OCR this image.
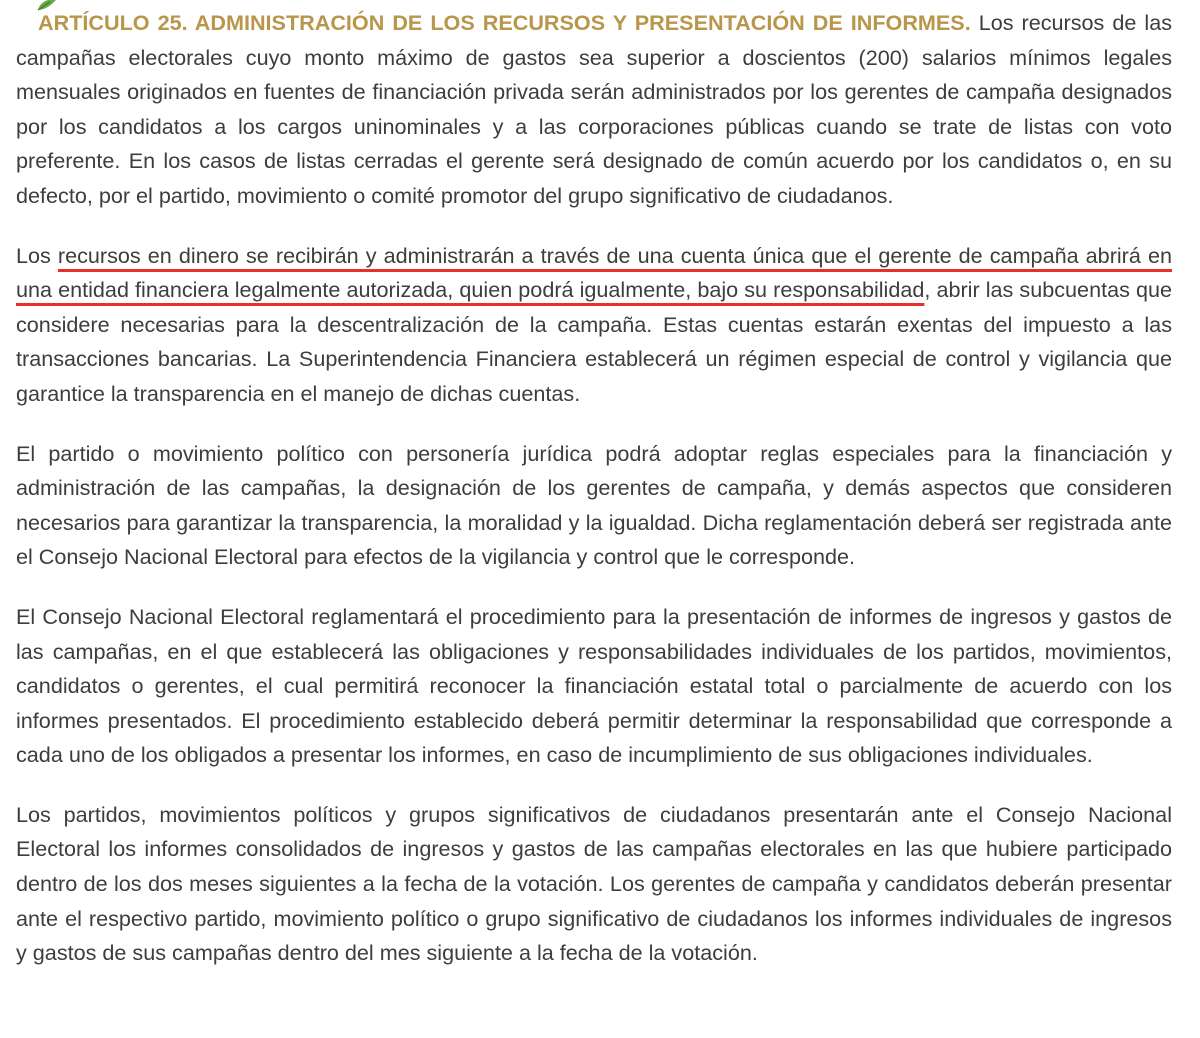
ARTÍCULO 25. ADMINISTRACIÓN DE LOS RECURSOS Y PRESENTACIÓN DE INFORMES. Los recursos de las campañas electorales cuyo monto máximo de gastos sea superior a doscientos (200) salarios mínimos legales mensuales originados en fuentes de financiación privada serán administrados por los gerentes de campaña designados por los candidatos a los cargos uninominales y a las corporaciones públicas cuando se trate de listas con voto preferente. En los casos de listas cerradas el gerente será designado de común acuerdo por los candidatos o, en su defecto, por el partido, movimiento o comité promotor del grupo significativo de ciudadanos.

Los recursos en dinero se recibirán y administrarán a través de una cuenta única que el gerente de campaña abrirá en una entidad financiera legalmente autorizada, quien podrá igualmente, bajo su responsabilidad, abrir las subcuentas que considere necesarias para la descentralización de la campaña. Estas cuentas estarán exentas del impuesto a las transacciones bancarias. La Superintendencia Financiera establecerá un régimen especial de control y vigilancia que garantice la transparencia en el manejo de dichas cuentas.

El partido o movimiento político con personería jurídica podrá adoptar reglas especiales para la financiación y administración de las campañas, la designación de los gerentes de campaña, y demás aspectos que consideren necesarios para garantizar la transparencia, la moralidad y la igualdad. Dicha reglamentación deberá ser registrada ante el Consejo Nacional Electoral para efectos de la vigilancia y control que le corresponde.

El Consejo Nacional Electoral reglamentará el procedimiento para la presentación de informes de ingresos y gastos de las campañas, en el que establecerá las obligaciones y responsabilidades individuales de los partidos, movimientos, candidatos o gerentes, el cual permitirá reconocer la financiación estatal total o parcialmente de acuerdo con los informes presentados. El procedimiento establecido deberá permitir determinar la responsabilidad que corresponde a cada uno de los obligados a presentar los informes, en caso de incumplimiento de sus obligaciones individuales.

Los partidos, movimientos políticos y grupos significativos de ciudadanos presentarán ante el Consejo Nacional Electoral los informes consolidados de ingresos y gastos de las campañas electorales en las que hubiere participado dentro de los dos meses siguientes a la fecha de la votación. Los gerentes de campaña y candidatos deberán presentar ante el respectivo partido, movimiento político o grupo significativo de ciudadanos los informes individuales de ingresos y gastos de sus campañas dentro del mes siguiente a la fecha de la votación.
